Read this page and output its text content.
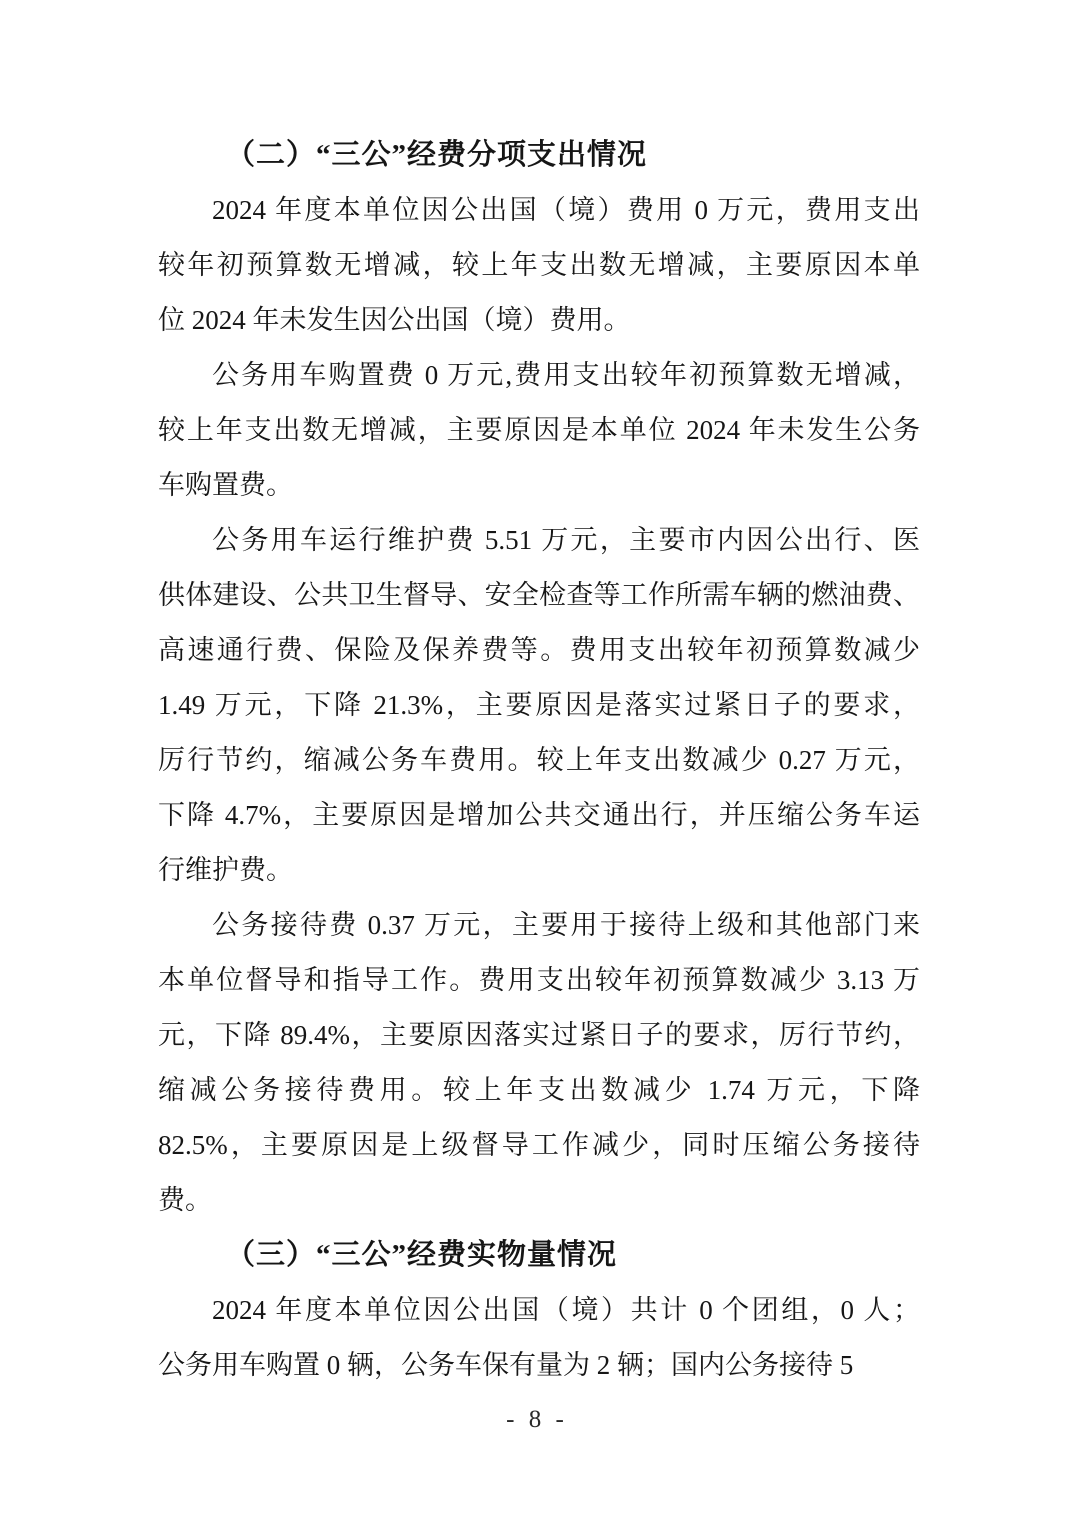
（二）“三公”经费分项支出情况
2024 年度本单位因公出国（境）费用 0 万元，费用支出
较年初预算数无增减，较上年支出数无增减，主要原因本单
位 2024 年未发生因公出国（境）费用。
公务用车购置费 0 万元,费用支出较年初预算数无增减，
较上年支出数无增减，主要原因是本单位 2024 年未发生公务
车购置费。
公务用车运行维护费 5.51 万元，主要市内因公出行、医
供体建设、公共卫生督导、安全检查等工作所需车辆的燃油费、
高速通行费、保险及保养费等。费用支出较年初预算数减少
1.49 万元，下降 21.3%，主要原因是落实过紧日子的要求，
厉行节约，缩减公务车费用。较上年支出数减少 0.27 万元，
下降 4.7%，主要原因是增加公共交通出行，并压缩公务车运
行维护费。
公务接待费 0.37 万元，主要用于接待上级和其他部门来
本单位督导和指导工作。费用支出较年初预算数减少 3.13 万
元，下降 89.4%，主要原因落实过紧日子的要求，厉行节约，
缩减公务接待费用。较上年支出数减少 1.74 万元，下降
82.5%，主要原因是上级督导工作减少，同时压缩公务接待
费。
（三）“三公”经费实物量情况
2024 年度本单位因公出国（境）共计 0 个团组，0 人；
公务用车购置 0 辆，公务车保有量为 2 辆；国内公务接待 5
- 8 -
